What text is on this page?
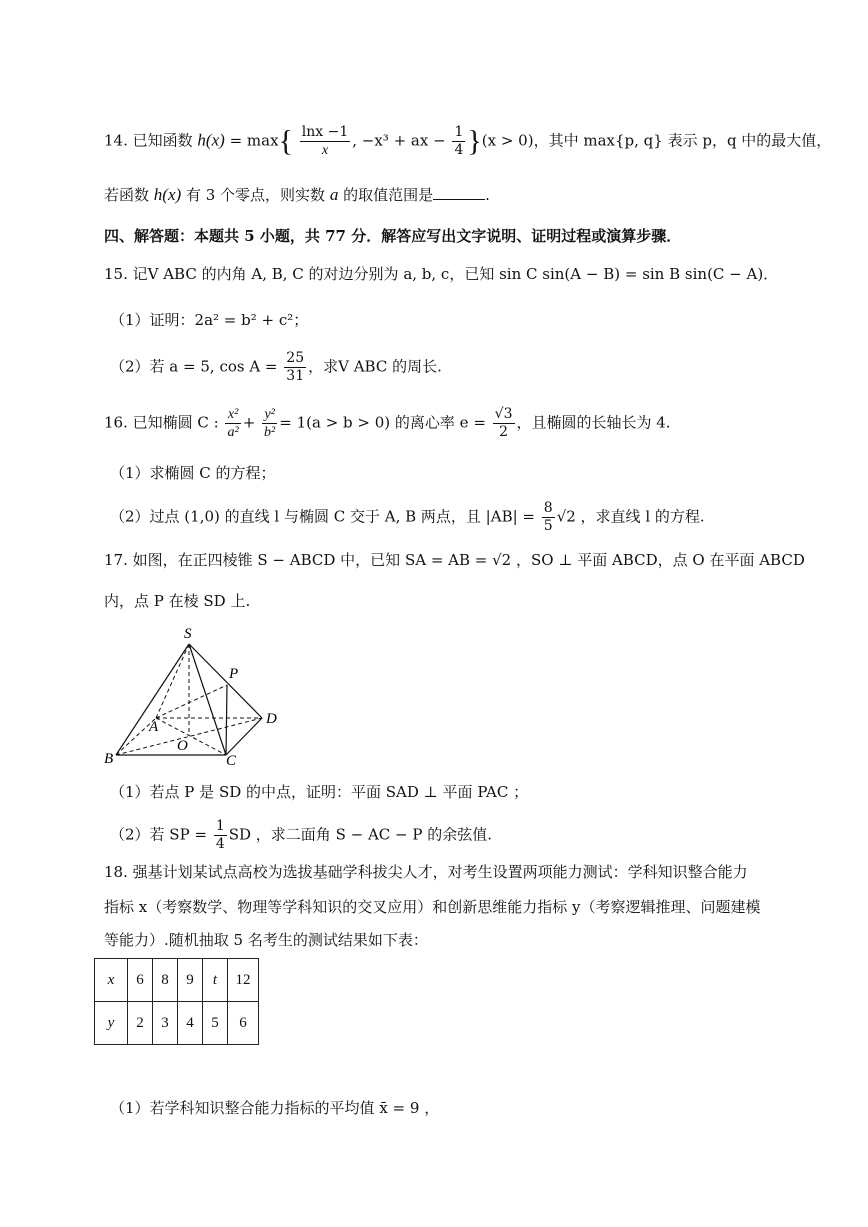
14. 已知函数 $h(x) = \max\{ \frac{\ln x -1}{x}$ , −x³ + ax − $\frac{1}{4} \}(x > 0)$，其中 max{p, q} 表示 p，q 中的最大值，
若函数 h(x) 有 3 个零点，则实数 a 的取值范围是	.
四、解答题：本题共 5 小题，共 77 分．解答应写出文字说明、证明过程或演算步骤．
15. 记V ABC 的内角 A, B, C 的对边分别为 a, b, c，已知 sin C sin(A − B) = sin B sin(C − A)．
（1）证明：2a² = b² + c²；
（2）若 a = 5, $\cos A = \frac{25}{31}$ ，求V ABC 的周长.
16. 已知椭圆 C : $\frac{\text{x²}}{\text{a²}} + \frac{\text{y²}}{\text{b²}} = 1(a > b > 0)$ 的离心率 $e = \frac{√3}{2}$ ，且椭圆的长轴长为 4.
（1）求椭圆 C 的方程；
（2）过点 (1,0) 的直线 l 与椭圆 C 交于 A, B 两点，且 $|AB| = \frac{8}{5} √2$ ，求直线 l 的方程.
17. 如图，在正四棱锥 S − ABCD 中，已知 SA = AB = √2 ，SO ⊥ 平面 ABCD，点 O 在平面 ABCD
内，点 P 在棱 SD 上.
S
P
D
A
O
B	C
（1）若点 P 是 SD 的中点，证明：平面 SAD ⊥ 平面 PAC ；
（2）若 SP = $\frac{1}{4}$ SD ，求二面角 S − AC − P 的余弦值.
18. 强基计划某试点高校为选拔基础学科拔尖人才，对考生设置两项能力测试：学科知识整合能力
指标 x（考察数学、物理等学科知识的交叉应用）和创新思维能力指标 y（考察逻辑推理、问题建模
等能力）.随机抽取 5 名考生的测试结果如下表：
x	6	8	9	t	12
y	2	3	4	5	6
（1）若学科知识整合能力指标的平均值 x̄ = 9 ，
